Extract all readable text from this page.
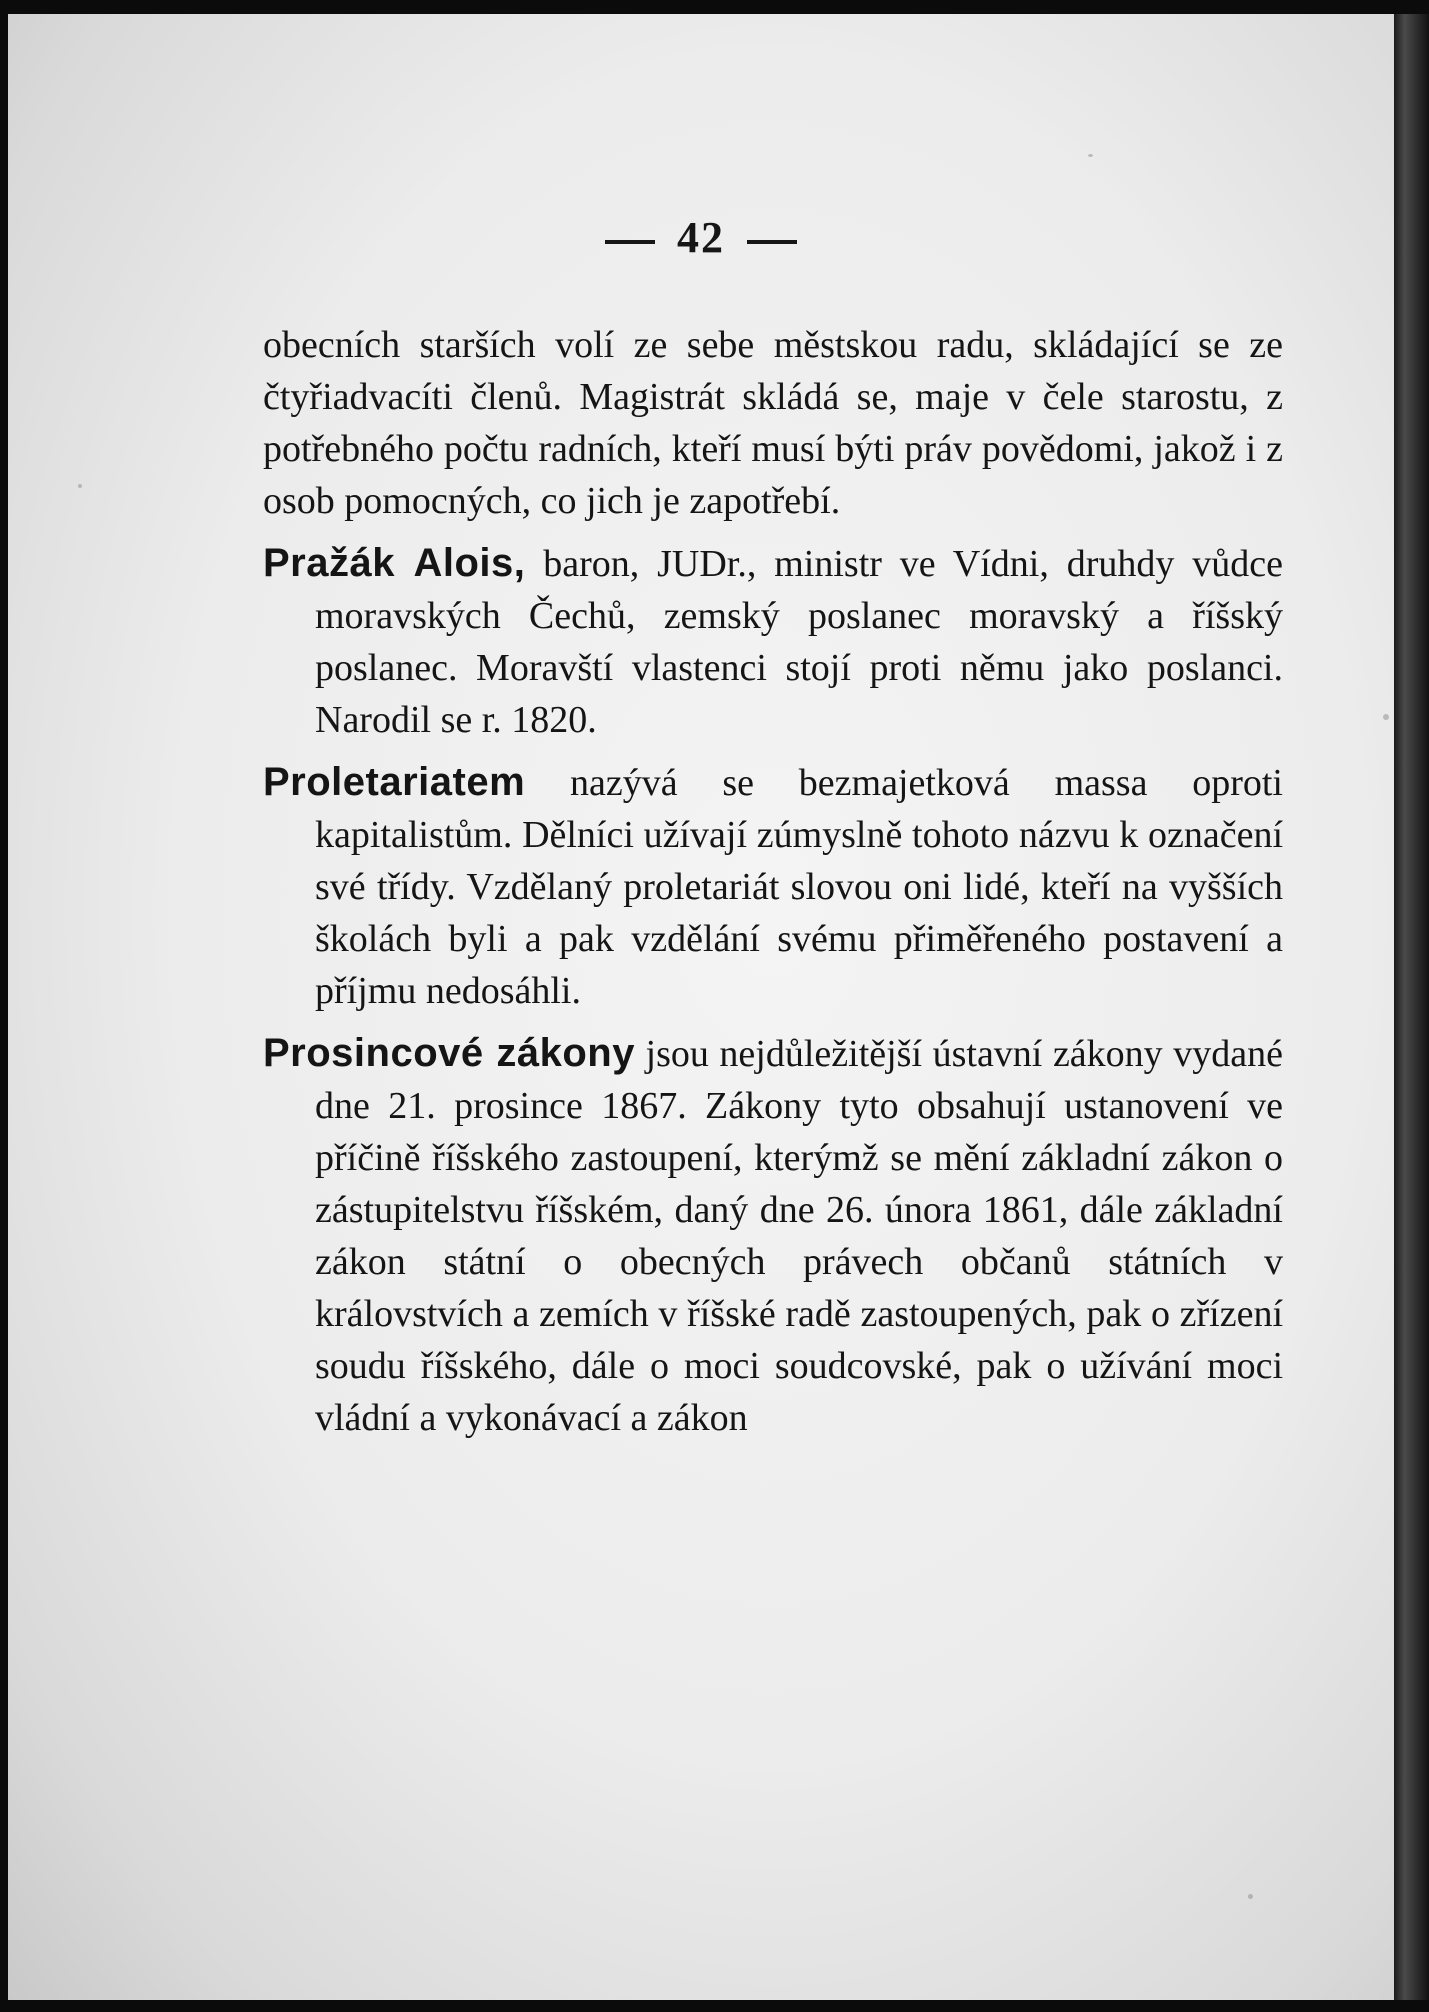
42

obecních starších volí ze sebe městskou radu, skládající se ze čtyřiadvacíti členů. Magistrát skládá se, maje v čele starostu, z potřebného počtu radních, kteří musí býti práv povědomi, jakož i z osob pomocných, co jich je zapotřebí.

Pražák Alois, baron, JUDr., ministr ve Vídni, druhdy vůdce moravských Čechů, zemský poslanec moravský a říšský poslanec. Moravští vlastenci stojí proti němu jako poslanci. Narodil se r. 1820.

Proletariatem nazývá se bezmajetková massa oproti kapitalistům. Dělníci užívají zúmyslně tohoto názvu k označení své třídy. Vzdělaný proletariát slovou oni lidé, kteří na vyšších školách byli a pak vzdělání svému přiměřeného postavení a příjmu nedosáhli.

Prosincové zákony jsou nejdůležitější ústavní zákony vydané dne 21. prosince 1867. Zákony tyto obsahují ustanovení ve příčině říšského zastoupení, kterýmž se mění základní zákon o zástupitelstvu říšském, daný dne 26. února 1861, dále základní zákon státní o obecných právech občanů státních v královstvích a zemích v říšské radě zastoupených, pak o zřízení soudu říšského, dále o moci soudcovské, pak o užívání moci vládní a vykonávací a zákon
